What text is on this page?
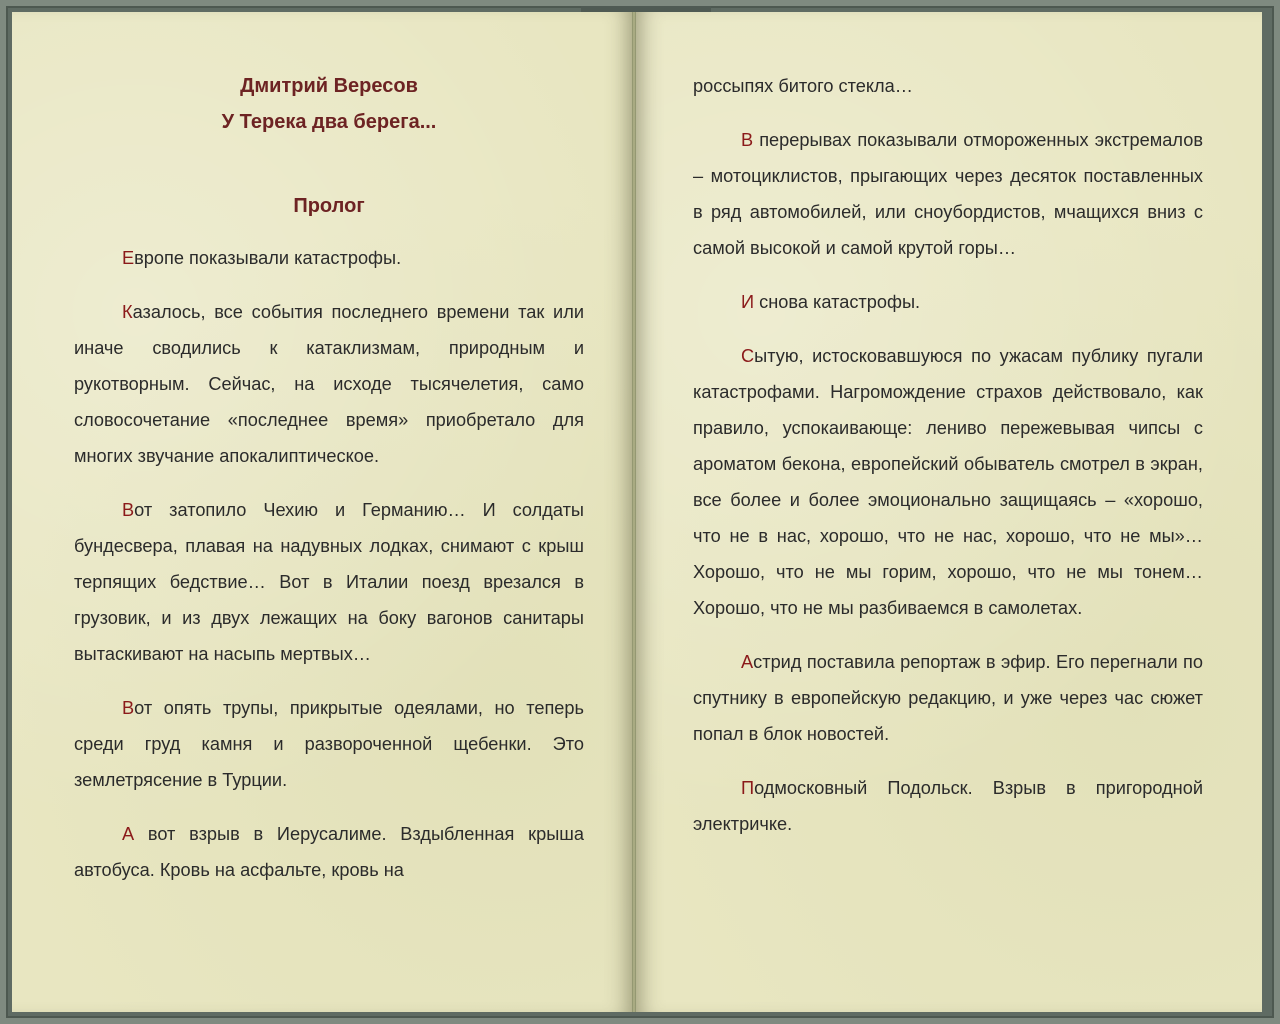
Дмитрий Вересов
У Терека два берега...
Пролог

Европе показывали катастрофы.

Казалось, все события последнего времени так или иначе сводились к катаклизмам, природным и рукотворным. Сейчас, на исходе тысячелетия, само словосочетание «последнее время» приобретало для многих звучание апокалиптическое.

Вот затопило Чехию и Германию… И солдаты бундесвера, плавая на надувных лодках, снимают с крыш терпящих бедствие… Вот в Италии поезд врезался в грузовик, и из двух лежащих на боку вагонов санитары вытаскивают на насыпь мертвых…

Вот опять трупы, прикрытые одеялами, но теперь среди груд камня и развороченной щебенки. Это землетрясение в Турции.

А вот взрыв в Иерусалиме. Вздыбленная крыша автобуса. Кровь на асфальте, кровь на

россыпях битого стекла…

В перерывах показывали отмороженных экстремалов – мотоциклистов, прыгающих через десяток поставленных в ряд автомобилей, или сноубордистов, мчащихся вниз с самой высокой и самой крутой горы…

И снова катастрофы.

Сытую, истосковавшуюся по ужасам публику пугали катастрофами. Нагромождение страхов действовало, как правило, успокаивающе: лениво пережевывая чипсы с ароматом бекона, европейский обыватель смотрел в экран, все более и более эмоционально защищаясь – «хорошо, что не в нас, хорошо, что не нас, хорошо, что не мы»… Хорошо, что не мы горим, хорошо, что не мы тонем… Хорошо, что не мы разбиваемся в самолетах.

Астрид поставила репортаж в эфир. Его перегнали по спутнику в европейскую редакцию, и уже через час сюжет попал в блок новостей.

Подмосковный Подольск. Взрыв в пригородной электричке.
